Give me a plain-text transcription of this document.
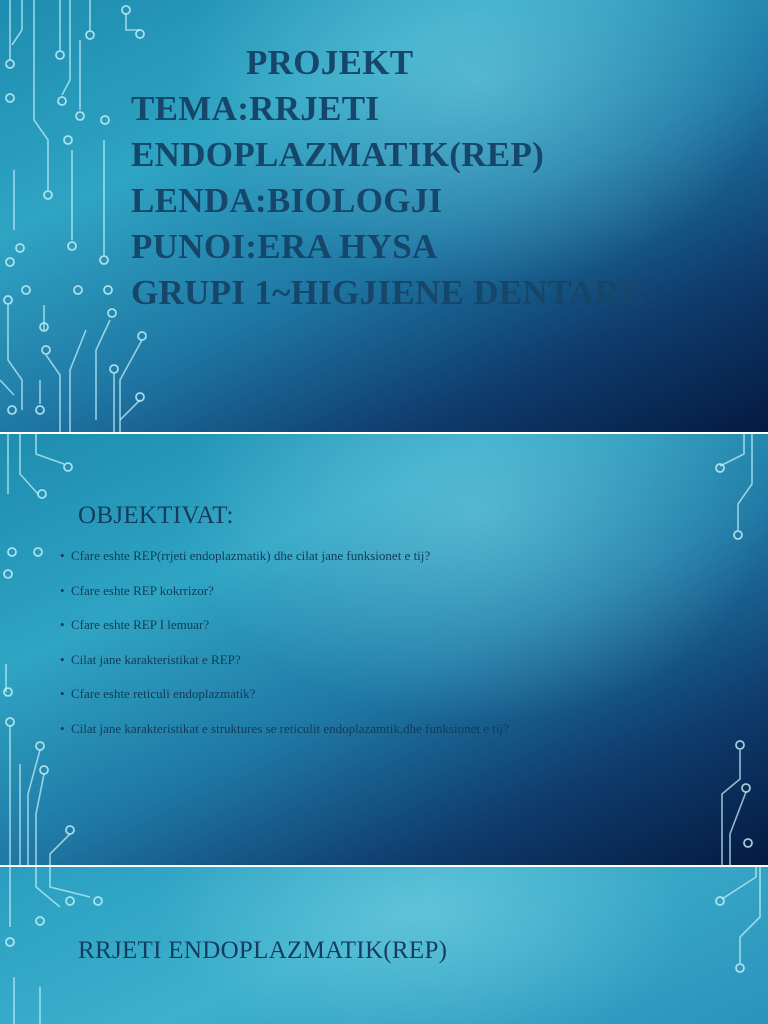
PROJEKT
TEMA:RRJETI
ENDOPLAZMATIK(REP)
LENDA:BIOLOGJI
PUNOI:ERA HYSA
GRUPI 1~HIGJIENE DENTARE
OBJEKTIVAT:
• Cfare eshte REP(rrjeti endoplazmatik) dhe cilat jane funksionet e tij?
• Cfare eshte REP kokrrizor?
• Cfare eshte REP I lemuar?
• Cilat jane karakteristikat e REP?
• Cfare eshte reticuli endoplazmatik?
• Cilat jane karakteristikat e struktures se reticulit endoplazamtik,dhe funksionet e tij?
RRJETI ENDOPLAZMATIK(REP)
